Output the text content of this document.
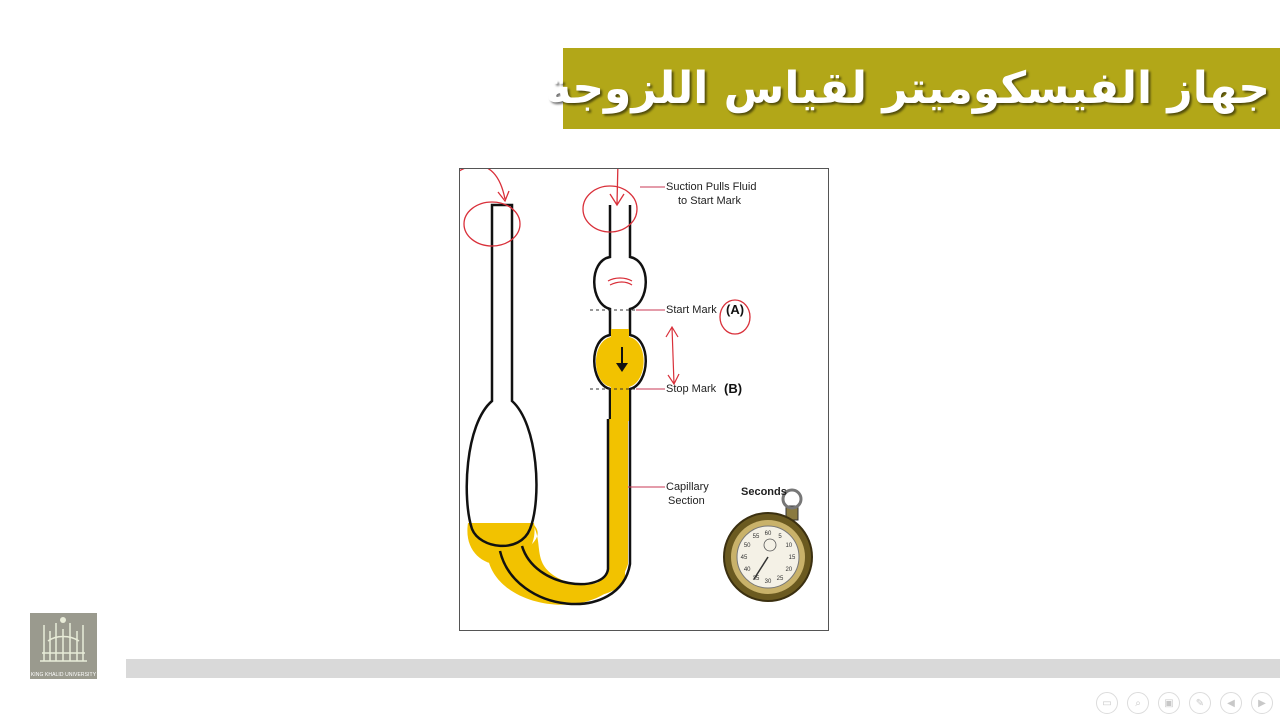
جهاز الفيسكوميتر لقياس اللزوجة
60
5
10
15
20
25
30
35
40
45
50
55
Suction Pulls Fluid
to Start Mark
Start Mark (A)
Stop Mark (B)
Capillary
Section
Seconds
KING KHALID UNIVERSITY
▭	⌕	▣	✎	◀	▶
